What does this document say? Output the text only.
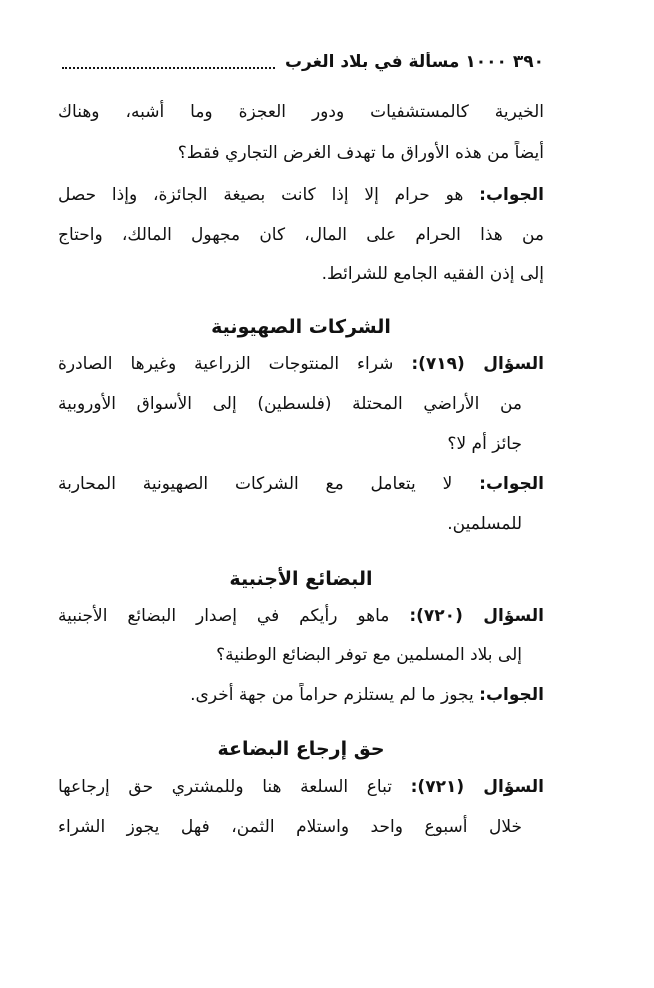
٣٩٠
١٠٠٠ مسألة في بلاد الغرب
الخيرية كالمستشفيات ودور العجزة وما أشبه، وهناك
أيضاً من هذه الأوراق ما تهدف الغرض التجاري فقط؟
الجواب: هو حرام إلا إذا كانت بصيغة الجائزة، وإذا حصل
من هذا الحرام على المال، كان مجهول المالك، واحتاج
إلى إذن الفقيه الجامع للشرائط.
الشركات الصهيونية
السؤال (٧١٩): شراء المنتوجات الزراعية وغيرها الصادرة
من الأراضي المحتلة (فلسطين) إلى الأسواق الأوروبية
جائز أم لا؟
الجواب: لا يتعامل مع الشركات الصهيونية المحاربة
للمسلمين.
البضائع الأجنبية
السؤال (٧٢٠): ماهو رأيكم في إصدار البضائع الأجنبية
إلى بلاد المسلمين مع توفر البضائع الوطنية؟
الجواب: يجوز ما لم يستلزم حراماً من جهة أخرى.
حق إرجاع البضاعة
السؤال (٧٢١): تباع السلعة هنا وللمشتري حق إرجاعها
خلال أسبوع واحد واستلام الثمن، فهل يجوز الشراء
